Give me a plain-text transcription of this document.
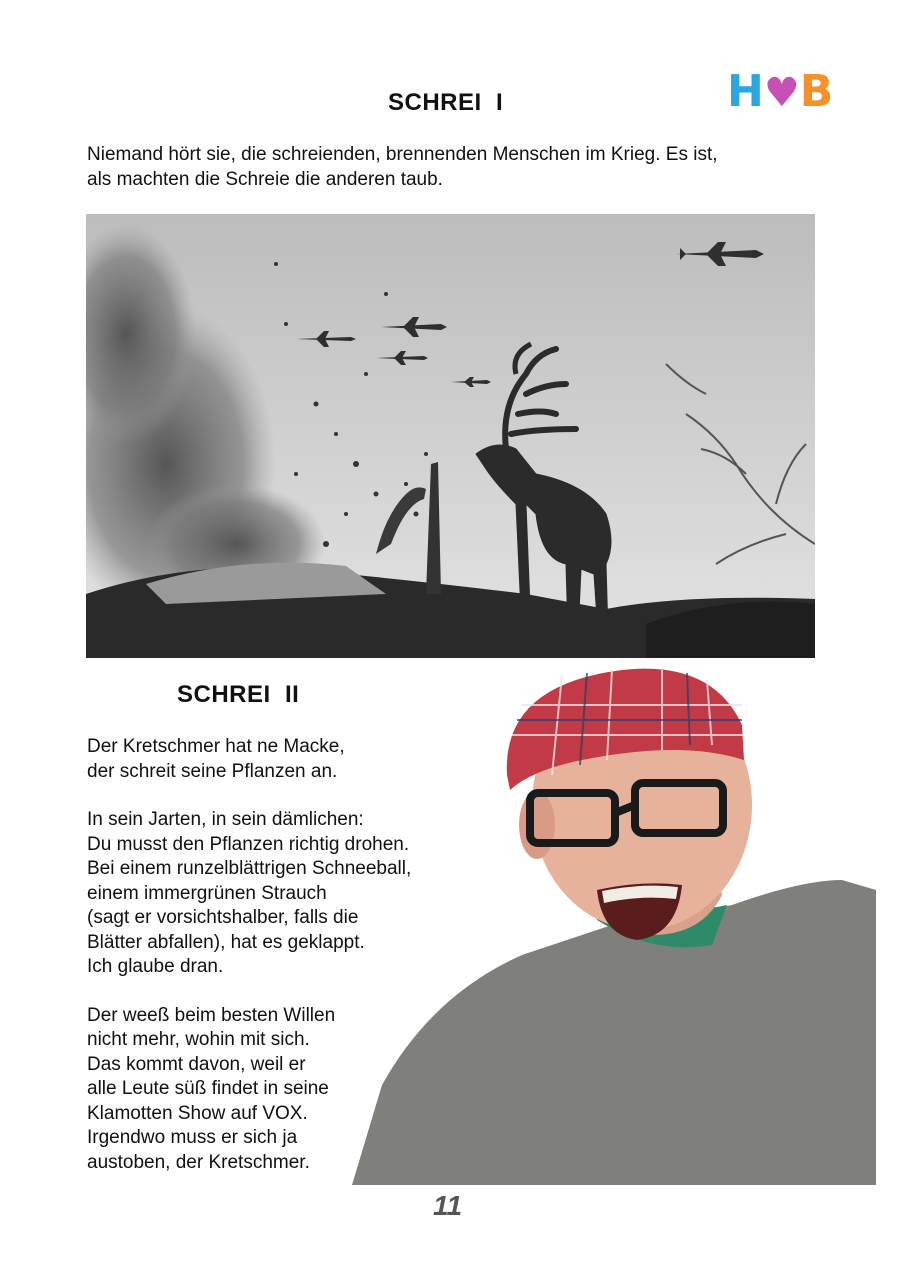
H♥B
SCHREI  I
Niemand hört sie, die schreienden, brennenden Menschen im Krieg. Es ist,
als machten die Schreie die anderen taub.
SCHREI  II
Der Kretschmer hat ne Macke,
der schreit seine Pflanzen an.
In sein Jarten, in sein dämlichen:
Du musst den Pflanzen richtig drohen.
Bei einem runzelblättrigen Schneeball,
einem immergrünen Strauch
(sagt er vorsichtshalber, falls die
Blätter abfallen), hat es geklappt.
Ich glaube dran.
Der weeß beim besten Willen
nicht mehr, wohin mit sich.
Das kommt davon, weil er
alle Leute süß findet in seine
Klamotten Show auf VOX.
Irgendwo muss er sich ja
austoben, der Kretschmer.
11
